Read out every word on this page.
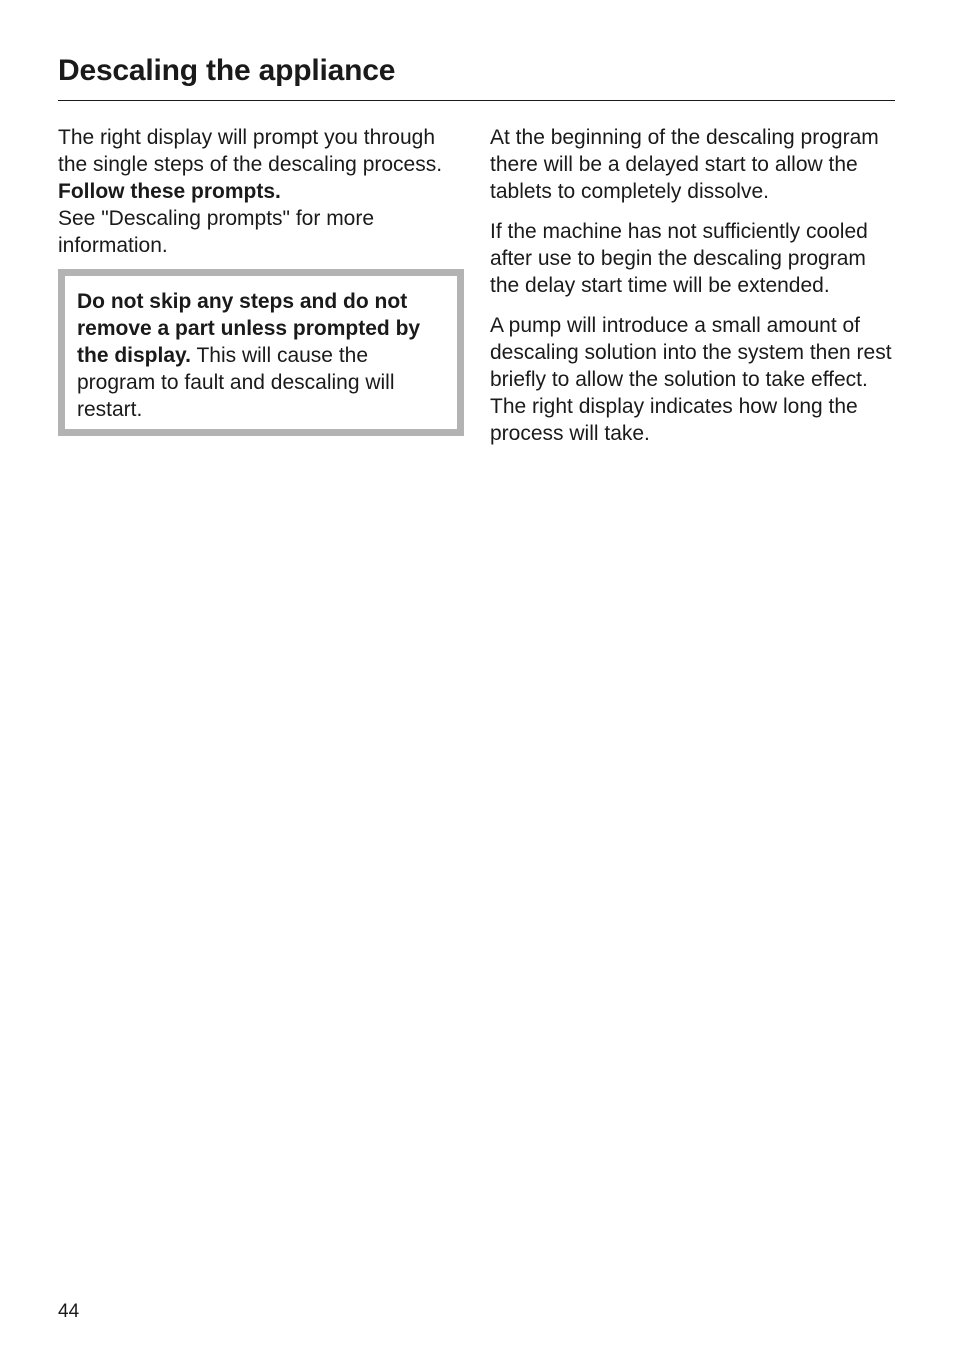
Descaling the appliance

The right display will prompt you through the single steps of the descaling process.

Follow these prompts.

See "Descaling prompts" for more information.

Do not skip any steps and do not remove a part unless prompted by the display. This will cause the program to fault and descaling will restart.

At the beginning of the descaling program there will be a delayed start to allow the tablets to completely dissolve.

If the machine has not sufficiently cooled after use to begin the descaling program the delay start time will be extended.

A pump will introduce a small amount of descaling solution into the system then rest briefly to allow the solution to take effect. The right display indicates how long the process will take.

44
